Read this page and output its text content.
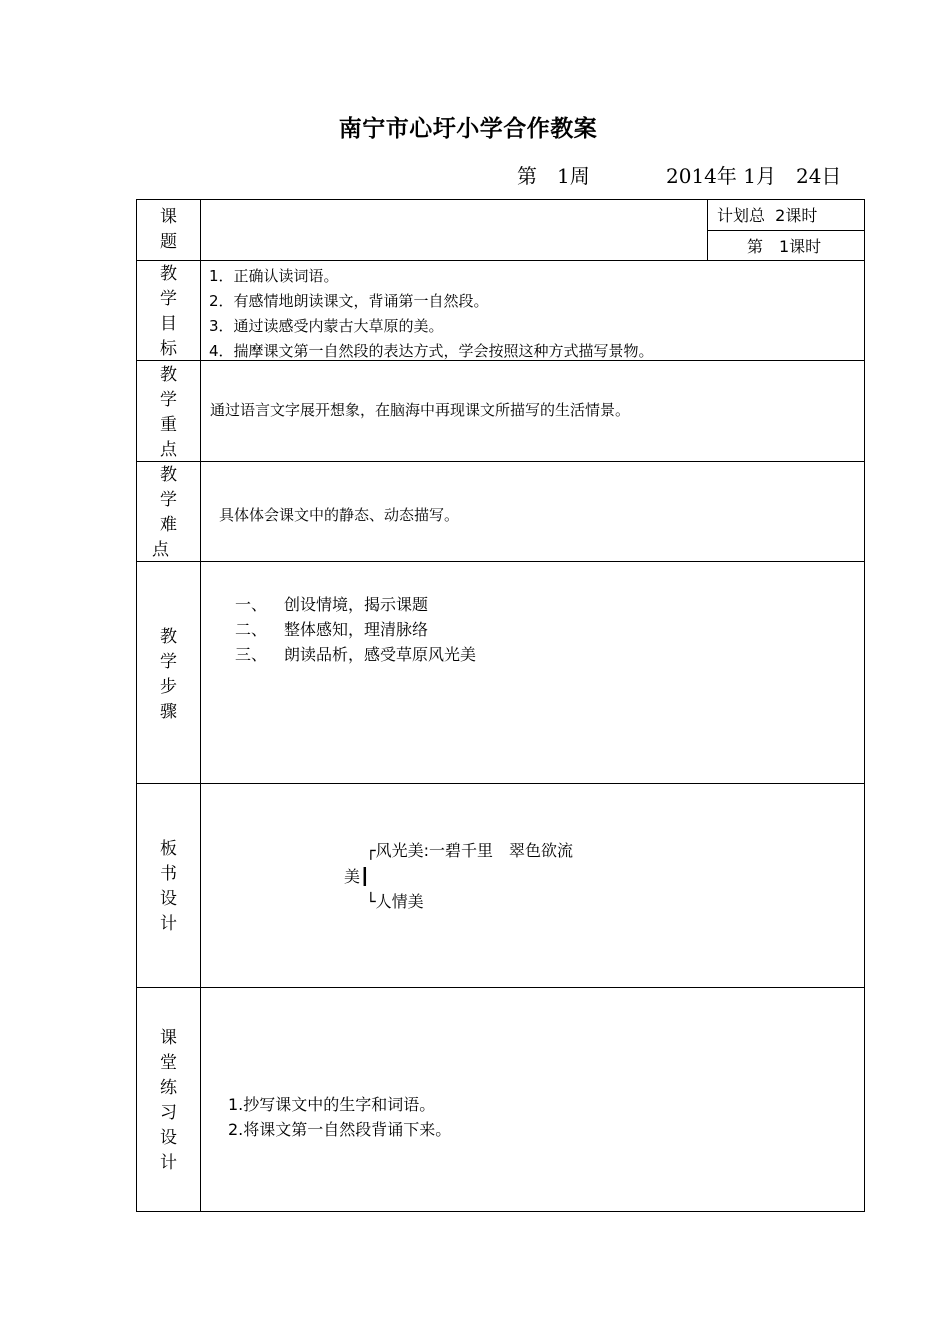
南宁市心圩小学合作教案
第　1周	2014年 1月　24日
课
题
教
学
目
标
教
学
重
点
教
学
难
点
教
学
步
骤
板
书
设
计
课
堂
练
习
设
计
计划总  2课时
第　1课时
1．正确认读词语。
2．有感情地朗读课文，背诵第一自然段。
3．通过读感受内蒙古大草原的美。
4．揣摩课文第一自然段的表达方式，学会按照这种方式描写景物。
通过语言文字展开想象，在脑海中再现课文所描写的生活情景。
具体体会课文中的静态、动态描写。
一、 创设情境，揭示课题
二、 整体感知，理清脉络
三、 朗读品析，感受草原风光美
┌风光美:一碧千里　翠色欲流
美┃
└人情美
1.抄写课文中的生字和词语。
2.将课文第一自然段背诵下来。
